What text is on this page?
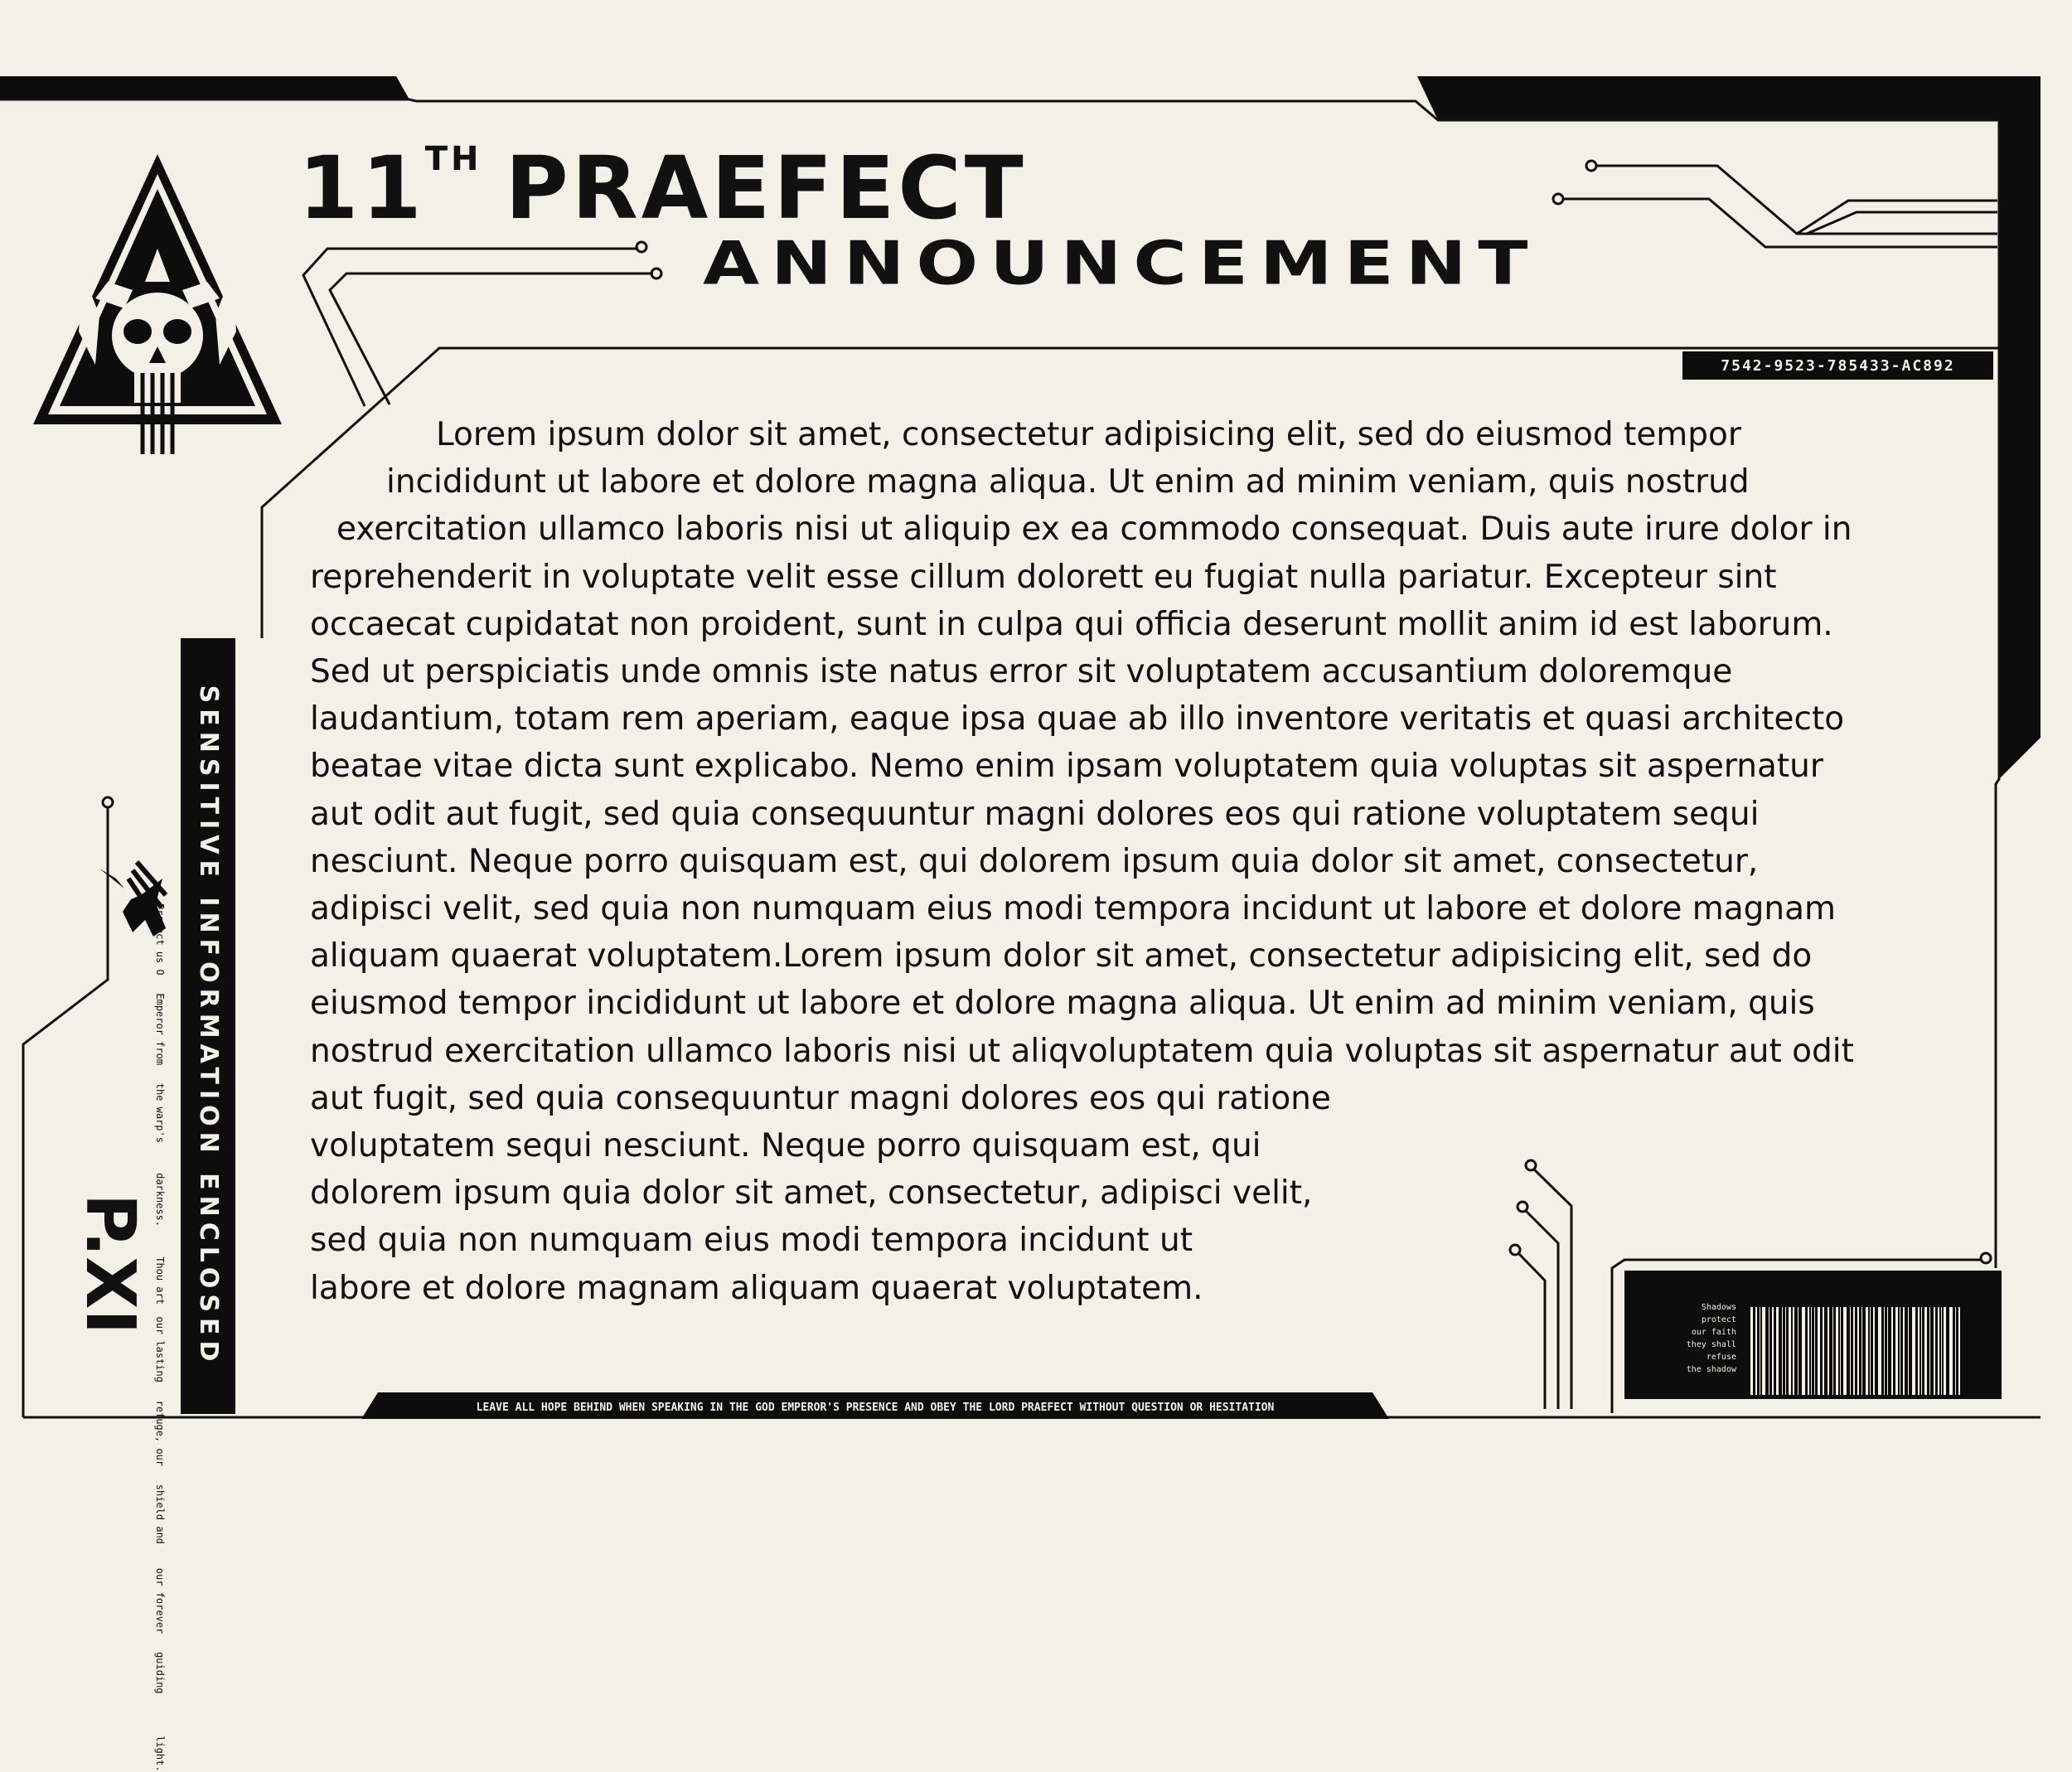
11TH PRAEFECT
ANNOUNCEMENT
7542-9523-785433-AC892
SENSITIVE INFORMATION ENCLOSED
P.XI Protect us O   Emperor from   the warp's     darkness.     Thou art  our lasting   refuge, our   shield and    our forever   guiding       light.
Lorem ipsum dolor sit amet, consectetur adipisicing elit, sed do eiusmod tempor
incididunt ut labore et dolore magna aliqua. Ut enim ad minim veniam, quis nostrud
exercitation ullamco laboris nisi ut aliquip ex ea commodo consequat. Duis aute irure dolor in
reprehenderit in voluptate velit esse cillum dolorett eu fugiat nulla pariatur. Excepteur sint
occaecat cupidatat non proident, sunt in culpa qui officia deserunt mollit anim id est laborum.
Sed ut perspiciatis unde omnis iste natus error sit voluptatem accusantium doloremque
laudantium, totam rem aperiam, eaque ipsa quae ab illo inventore veritatis et quasi architecto
beatae vitae dicta sunt explicabo. Nemo enim ipsam voluptatem quia voluptas sit aspernatur
aut odit aut fugit, sed quia consequuntur magni dolores eos qui ratione voluptatem sequi
nesciunt. Neque porro quisquam est, qui dolorem ipsum quia dolor sit amet, consectetur,
adipisci velit, sed quia non numquam eius modi tempora incidunt ut labore et dolore magnam
aliquam quaerat voluptatem.Lorem ipsum dolor sit amet, consectetur adipisicing elit, sed do
eiusmod tempor incididunt ut labore et dolore magna aliqua. Ut enim ad minim veniam, quis
nostrud exercitation ullamco laboris nisi ut aliqvoluptatem quia voluptas sit aspernatur aut odit
aut fugit, sed quia consequuntur magni dolores eos qui ratione
voluptatem sequi nesciunt. Neque porro quisquam est, qui
dolorem ipsum quia dolor sit amet, consectetur, adipisci velit,
sed quia non numquam eius modi tempora incidunt ut
labore et dolore magnam aliquam quaerat voluptatem.
LEAVE ALL HOPE BEHIND WHEN SPEAKING IN THE GOD EMPEROR'S PRESENCE AND OBEY THE LORD PRAEFECT WITHOUT QUESTION OR HESITATION
Shadows
protect
our faith
they shall
refuse
the shadow
